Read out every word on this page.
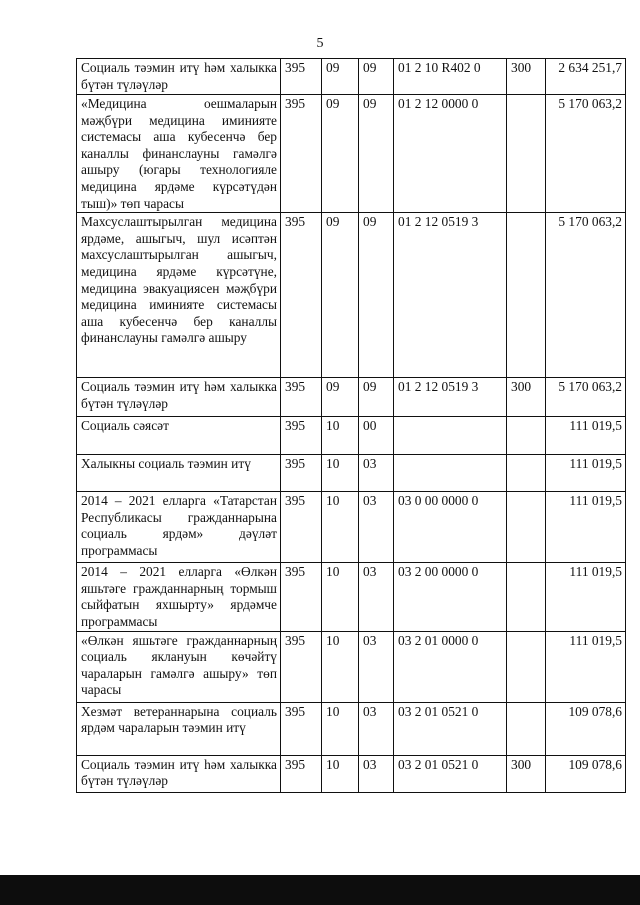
5
Социаль тәэмин итү һәм халыкка бүтән түләүләр	395	09	09	01 2 10 R402 0	300	2 634 251,7
«Медицина оешмаларын мәҗбүри медицина иминияте системасы аша кубесенчә бер каналлы финанслауны гамәлгә ашыру (югары технологияле медицина ярдәме күрсәтүдән тыш)» төп чарасы	395	09	09	01 2 12 0000 0		5 170 063,2
Махсуслаштырылган медицина ярдәме, ашыгыч, шул исәптән махсуслаштырылган ашыгыч, медицина ярдәме күрсәтүне, медицина эвакуациясен мәҗбүри медицина иминияте системасы аша кубесенчә бер каналлы финанслауны гамәлгә ашыру	395	09	09	01 2 12 0519 3		5 170 063,2
Социаль тәэмин итү һәм халыкка бүтән түләүләр	395	09	09	01 2 12 0519 3	300	5 170 063,2
Социаль сәясәт	395	10	00			111 019,5
Халыкны социаль тәэмин итү	395	10	03			111 019,5
2014 – 2021 елларга «Татарстан Республикасы гражданнарына социаль ярдәм» дәүләт программасы	395	10	03	03 0 00 0000 0		111 019,5
2014 – 2021 елларга «Өлкән яшьтәге гражданнарның тормыш сыйфатын яхшырту» ярдәмче программасы	395	10	03	03 2 00 0000 0		111 019,5
«Өлкән яшьтәге гражданнарның социаль яклануын көчәйтү чараларын гамәлгә ашыру» төп чарасы	395	10	03	03 2 01 0000 0		111 019,5
Хезмәт ветераннарына социаль ярдәм чараларын тәэмин итү	395	10	03	03 2 01 0521 0		109 078,6
Социаль тәэмин итү һәм халыкка бүтән түләүләр	395	10	03	03 2 01 0521 0	300	109 078,6
